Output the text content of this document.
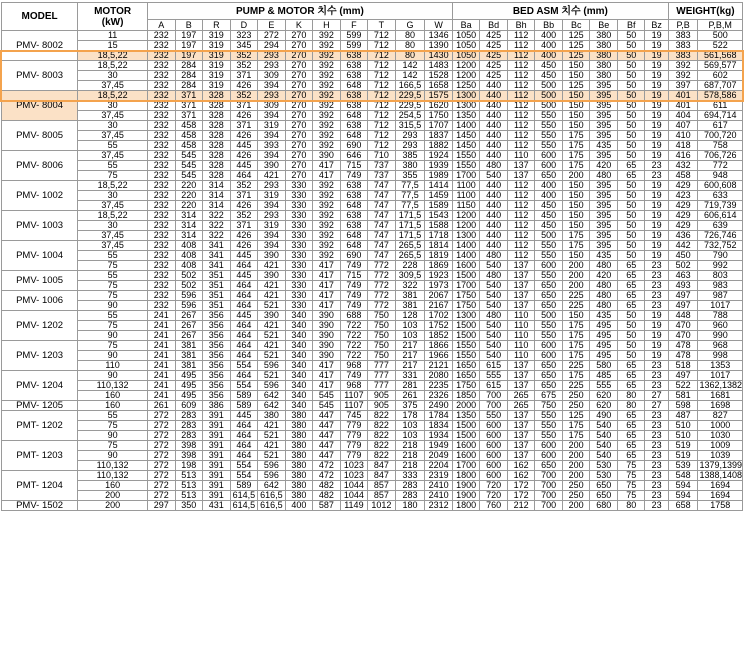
MODEL	MOTOR
(kW)	PUMP & MOTOR 치수 (mm)											BED ASM 치수 (mm)								WEIGHT(kg)	
		A	B	R	D	E	K	H	F	T	G	W	Ba	Bd	Bh	Bb	Bc	Be	Bf	Bz	P,B	P,B,M
PMV- 8002	11	232	197	319	323	272	270	392	599	712	80	1346	1050	425	112	400	125	380	50	19	383	500
	15	232	197	319	345	294	270	392	599	712	80	1390	1050	425	112	400	125	380	50	19	383	522
	18,5,22	232	197	319	352	293	270	392	638	712	80	1430	1050	425	112	400	125	380	50	19	383	561,568
PMV- 8003	18,5,22	232	284	319	352	293	270	392	638	712	142	1483	1200	425	112	450	150	380	50	19	392	569,577
	30	232	284	319	371	309	270	392	638	712	142	1528	1200	425	112	450	150	380	50	19	392	602
	37,45	232	284	319	426	394	270	392	648	712	166,5	1658	1250	440	112	500	125	395	50	19	397	687,707
PMV- 8004	18,5,22	232	371	328	352	293	270	392	638	712	229,5	1575	1300	440	112	500	150	395	50	19	401	578,586
	30	232	371	328	371	309	270	392	638	712	229,5	1620	1300	440	112	500	150	395	50	19	401	611
	37,45	232	371	328	426	394	270	392	648	712	254,5	1750	1350	440	112	550	150	395	50	19	404	694,714
PMV- 8005	30	232	458	328	371	319	270	392	638	712	315,5	1707	1400	440	112	550	150	395	50	19	407	617
	37,45	232	458	328	426	394	270	392	648	712	293	1837	1450	440	112	550	175	395	50	19	410	700,720
	55	232	458	328	445	393	270	392	690	712	293	1882	1450	440	112	550	175	435	50	19	418	758
PMV- 8006	37,45	232	545	328	426	394	270	390	646	710	385	1924	1550	440	110	600	175	395	50	19	416	706,726
	55	232	545	328	445	390	270	417	715	737	380	1939	1550	480	137	600	175	420	65	23	432	772
	75	232	545	328	464	421	270	417	749	737	355	1989	1700	540	137	650	200	480	65	23	458	948
PMV- 1002	18,5,22	232	220	314	352	293	330	392	638	747	77,5	1414	1100	440	112	400	150	395	50	19	429	600,608
	30	232	220	314	371	319	330	392	638	747	77,5	1459	1100	440	112	400	150	395	50	19	423	633
	37,45	232	220	314	426	394	330	392	648	747	77,5	1589	1150	440	112	450	150	395	50	19	429	719,739
PMV- 1003	18,5,22	232	314	322	352	293	330	392	638	747	171,5	1543	1200	440	112	450	150	395	50	19	429	606,614
	30	232	314	322	371	319	330	392	638	747	171,5	1588	1200	440	112	450	150	395	50	19	429	639
	37,45	232	314	322	426	394	330	392	648	747	171,5	1718	1300	440	112	500	175	395	50	19	436	726,746
PMV- 1004	37,45	232	408	341	426	394	330	392	648	747	265,5	1814	1400	440	112	550	175	395	50	19	442	732,752
	55	232	408	341	445	390	330	392	690	747	265,5	1819	1400	480	112	550	150	435	50	19	450	790
	75	232	408	341	464	421	330	417	749	772	228	1869	1600	540	137	600	200	480	65	23	502	992
PMV- 1005	55	232	502	351	445	390	330	417	715	772	309,5	1923	1500	480	137	550	200	420	65	23	463	803
	75	232	502	351	464	421	330	417	749	772	322	1973	1700	540	137	650	200	480	65	23	493	983
PMV- 1006	75	232	596	351	464	421	330	417	749	772	381	2067	1750	540	137	650	225	480	65	23	497	987
	90	232	596	351	464	521	330	417	749	772	381	2167	1750	540	137	650	225	480	65	23	497	1017
PMV- 1202	55	241	267	356	445	390	340	390	688	750	128	1702	1300	480	110	500	150	435	50	19	448	788
	75	241	267	356	464	421	340	390	722	750	103	1752	1500	540	110	550	175	495	50	19	470	960
	90	241	267	356	464	521	340	390	722	750	103	1852	1500	540	110	550	175	495	50	19	470	990
PMV- 1203	75	241	381	356	464	421	340	390	722	750	217	1866	1550	540	110	600	175	495	50	19	478	968
	90	241	381	356	464	521	340	390	722	750	217	1966	1550	540	110	600	175	495	50	19	478	998
	110	241	381	356	554	596	340	417	968	777	217	2121	1650	615	137	650	225	580	65	23	518	1353
PMV- 1204	90	241	495	356	464	521	340	417	749	777	331	2080	1650	555	137	650	175	485	65	23	497	1017
	110,132	241	495	356	554	596	340	417	968	777	281	2235	1750	615	137	650	225	555	65	23	522	1362,1382
	160	241	495	356	589	642	340	545	1107	905	261	2326	1850	700	265	675	250	620	80	27	581	1681
PMV- 1205	160	261	609	386	589	642	340	545	1107	905	375	2490	2000	700	265	750	250	620	80	27	598	1698
PMT- 1202	55	272	283	391	445	380	380	447	745	822	178	1784	1350	550	137	550	125	490	65	23	487	827
	75	272	283	391	464	421	380	447	779	822	103	1834	1500	600	137	550	175	540	65	23	510	1000
	90	272	283	391	464	521	380	447	779	822	103	1934	1500	600	137	550	175	540	65	23	510	1030
PMT- 1203	75	272	398	391	464	421	380	447	779	822	218	1949	1600	600	137	600	200	540	65	23	519	1009
	90	272	398	391	464	521	380	447	779	822	218	2049	1600	600	137	600	200	540	65	23	519	1039
	110,132	272	198	391	554	596	380	472	1023	847	218	2204	1700	600	162	650	200	530	75	23	539	1379,1399
PMT- 1204	110,132	272	513	391	554	596	380	472	1023	847	333	2319	1800	600	162	700	200	530	75	23	548	1388,1408
	160	272	513	391	589	642	380	482	1044	857	283	2410	1900	720	172	700	250	650	75	23	594	1694
	200	272	513	391	614,5	616,5	380	482	1044	857	283	2410	1900	720	172	700	250	650	75	23	594	1694
PMV- 1502	200	297	350	431	614,5	616,5	400	587	1149	1012	180	2312	1800	760	212	700	200	680	80	23	658	1758
